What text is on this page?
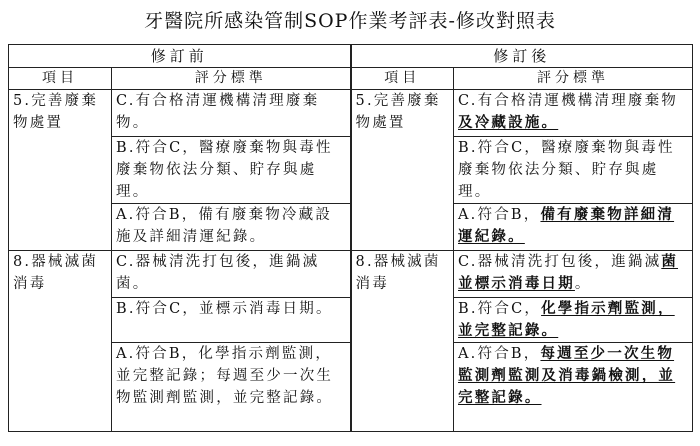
牙醫院所感染管制SOP作業考評表-修改對照表
修訂前		修訂後	
項目	評分標準	項目	評分標準
5.完善廢棄物處置	C.有合格清運機構清理廢棄物。	5.完善廢棄物處置	C.有合格清運機構清理廢棄物及冷藏設施。
	B.符合C，醫療廢棄物與毒性廢棄物依法分類、貯存與處理。		B.符合C，醫療廢棄物與毒性廢棄物依法分類、貯存與處理。
	A.符合B，備有廢棄物冷藏設施及詳細清運紀錄。		A.符合B，備有廢棄物詳細清運紀錄。
8.器械滅菌消毒	C.器械清洗打包後，進鍋滅菌。	8.器械滅菌消毒	C.器械清洗打包後，進鍋滅菌並標示消毒日期。
	B.符合C，並標示消毒日期。		B.符合C，化學指示劑監測，並完整記錄。
	A.符合B，化學指示劑監測，並完整記錄；每週至少一次生物監測劑監測，並完整記錄。		A.符合B，每週至少一次生物監測劑監測及消毒鍋檢測，並完整記錄。
